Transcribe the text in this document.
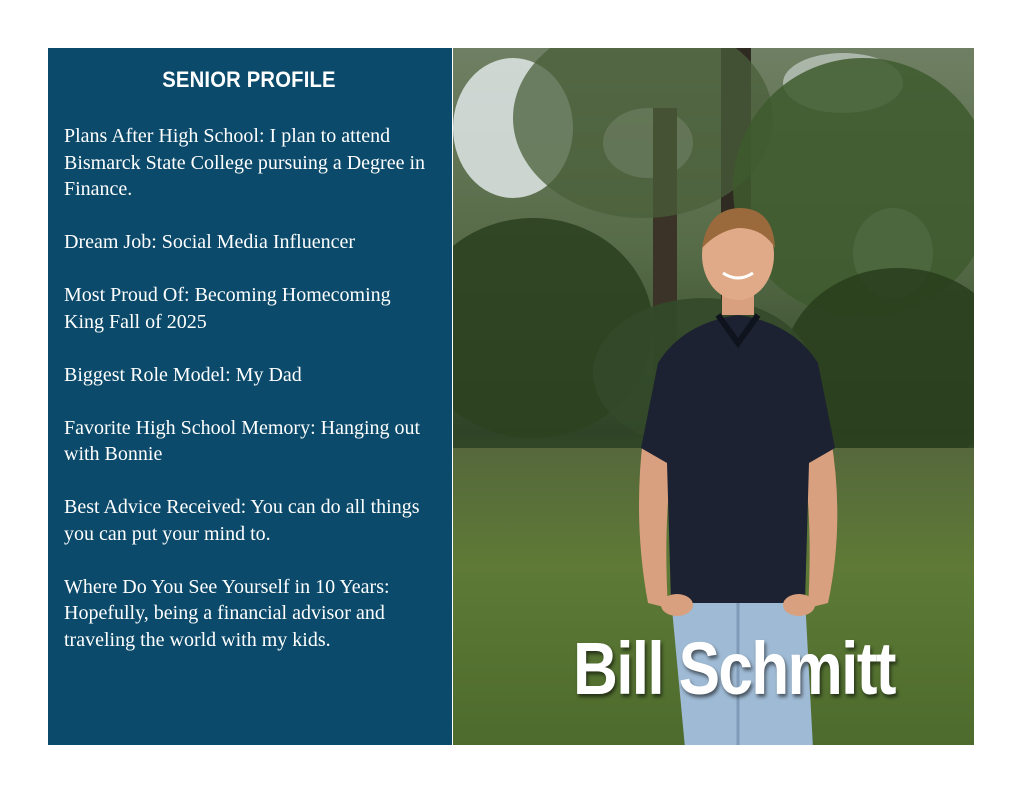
SENIOR PROFILE

Plans After High School: I plan to attend Bismarck State College pursuing a Degree in Finance.

Dream Job: Social Media Influencer

Most Proud Of: Becoming Homecoming King Fall of 2025

Biggest Role Model: My Dad

Favorite High School Memory: Hanging out with Bonnie

Best Advice Received: You can do all things you can put your mind to.

Where Do You See Yourself in 10 Years: Hopefully, being a financial advisor and traveling the world with my kids.	Bill Schmitt
